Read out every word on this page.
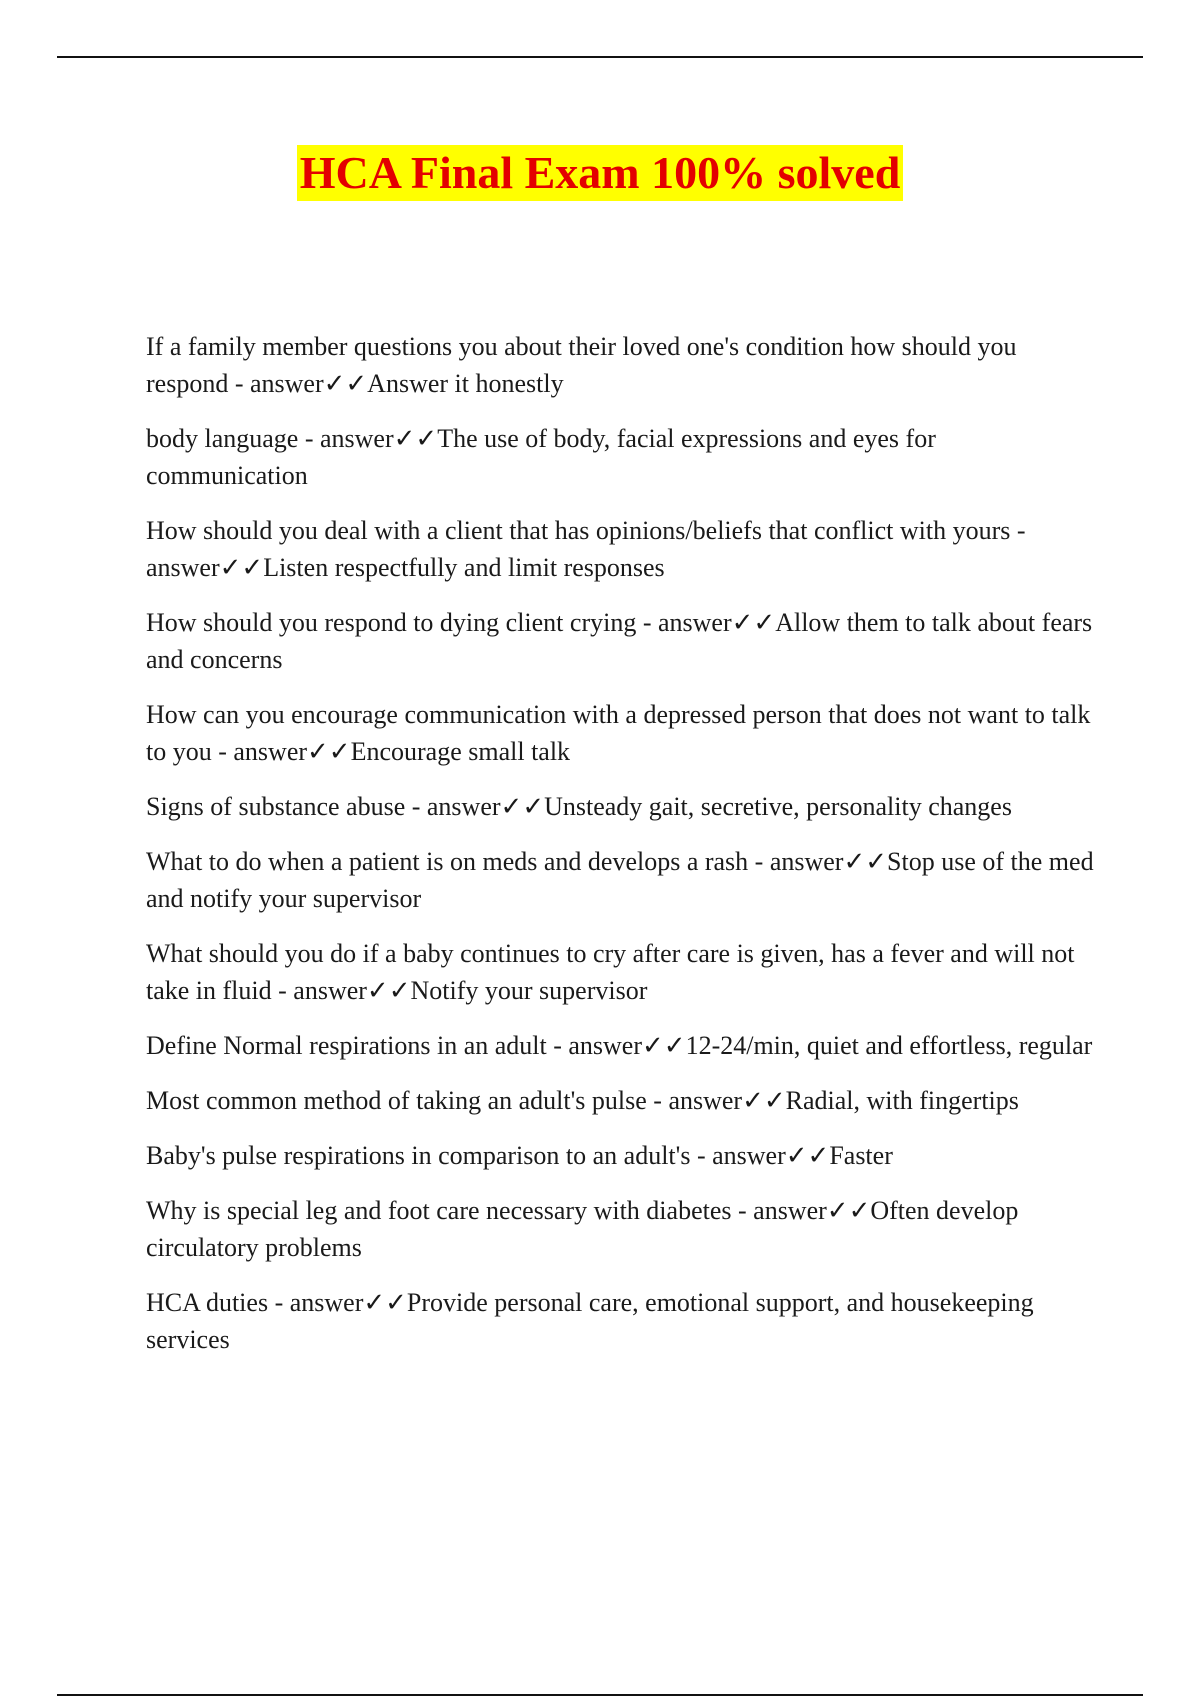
HCA Final Exam 100% solved

If a family member questions you about their loved one's condition how should you respond - answer✓✓Answer it honestly

body language - answer✓✓The use of body, facial expressions and eyes for communication

How should you deal with a client that has opinions/beliefs that conflict with yours - answer✓✓Listen respectfully and limit responses

How should you respond to dying client crying - answer✓✓Allow them to talk about fears and concerns

How can you encourage communication with a depressed person that does not want to talk to you - answer✓✓Encourage small talk

Signs of substance abuse - answer✓✓Unsteady gait, secretive, personality changes

What to do when a patient is on meds and develops a rash - answer✓✓Stop use of the med and notify your supervisor

What should you do if a baby continues to cry after care is given, has a fever and will not take in fluid - answer✓✓Notify your supervisor

Define Normal respirations in an adult - answer✓✓12-24/min, quiet and effortless, regular

Most common method of taking an adult's pulse - answer✓✓Radial, with fingertips

Baby's pulse respirations in comparison to an adult's - answer✓✓Faster

Why is special leg and foot care necessary with diabetes - answer✓✓Often develop circulatory problems

HCA duties - answer✓✓Provide personal care, emotional support, and housekeeping services
